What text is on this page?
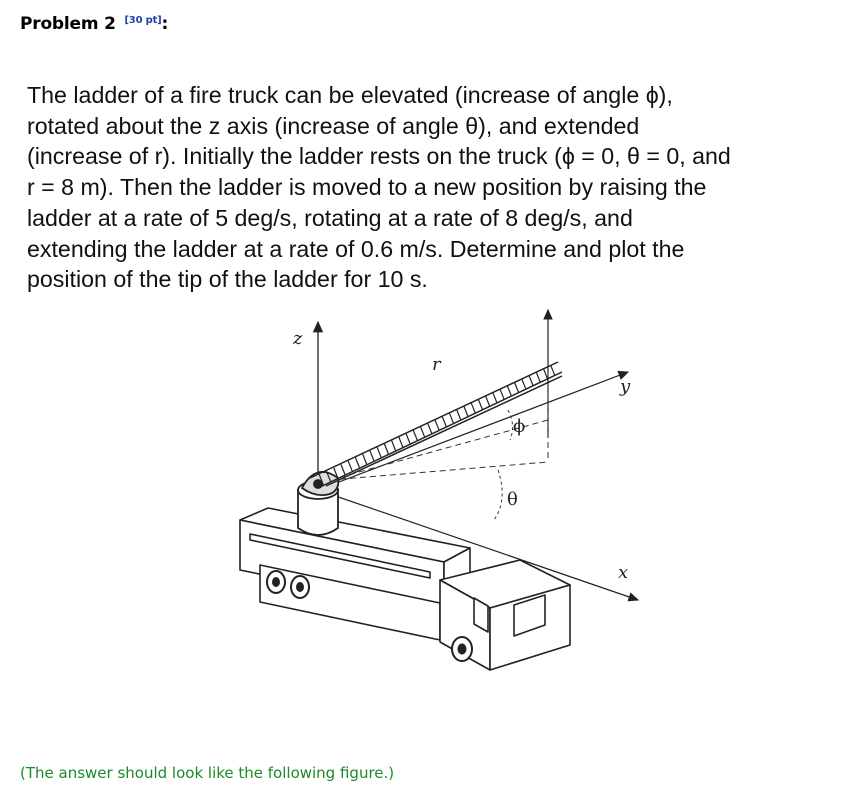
Problem 2 [30 pt]:
The ladder of a fire truck can be elevated (increase of angle ϕ),
rotated about the z axis (increase of angle θ), and extended
(increase of r). Initially the ladder rests on the truck (ϕ = 0, θ = 0, and
r = 8 m). Then the ladder is moved to a new position by raising the
ladder at a rate of 5 deg/s, rotating at a rate of 8 deg/s, and
extending the ladder at a rate of 0.6 m/s. Determine and plot the
position of the tip of the ladder for 10 s.
z
r
y
x
ϕ
θ
(The answer should look like the following figure.)
